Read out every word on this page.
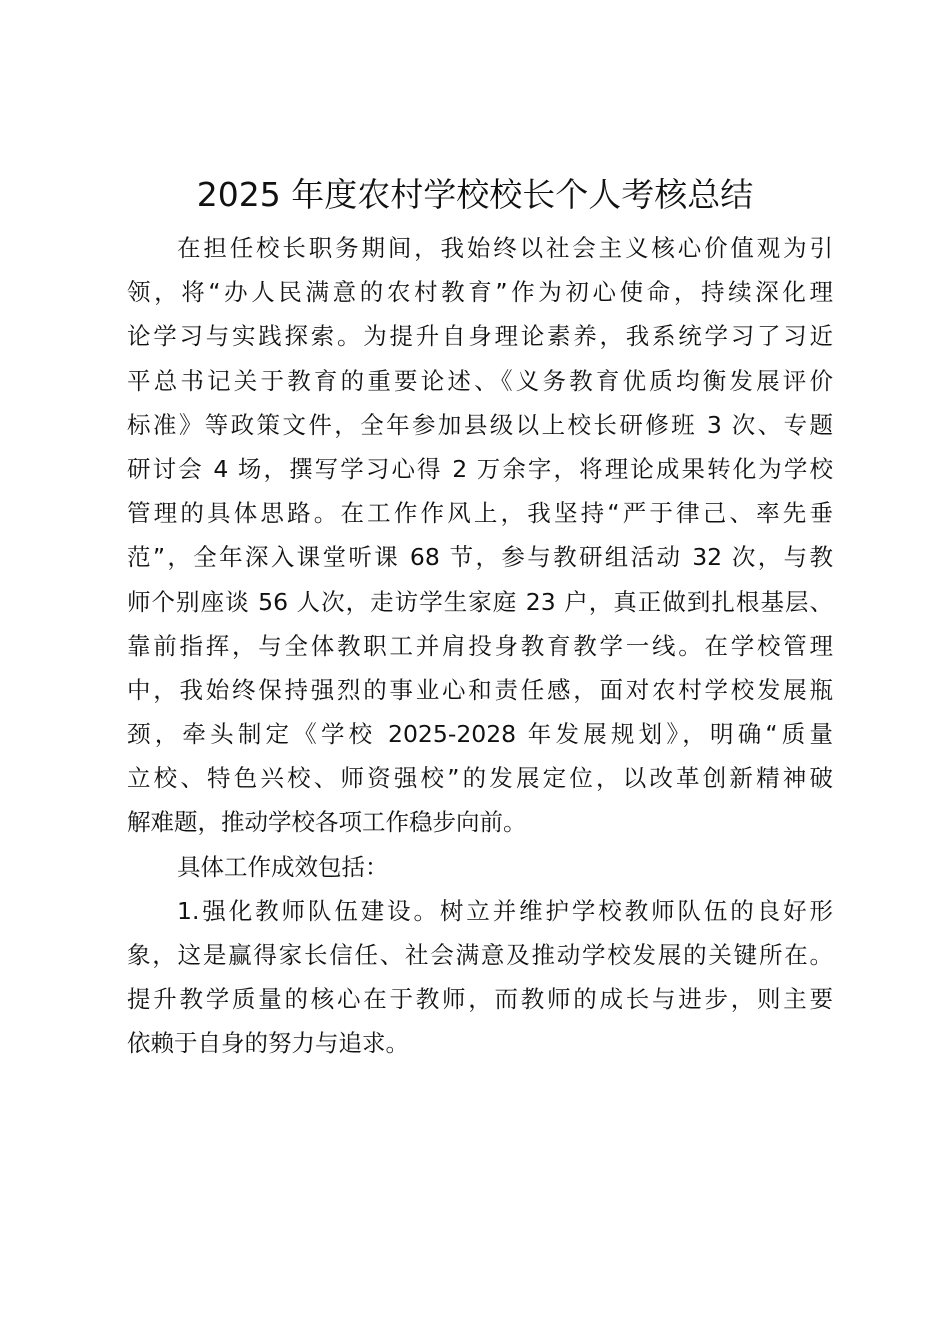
2025 年度农村学校校长个人考核总结
在担任校长职务期间，我始终以社会主义核心价值观为引
领，将“办人民满意的农村教育”作为初心使命，持续深化理
论学习与实践探索。为提升自身理论素养，我系统学习了习近
平总书记关于教育的重要论述、《义务教育优质均衡发展评价
标准》等政策文件，全年参加县级以上校长研修班 3 次、专题
研讨会 4 场，撰写学习心得 2 万余字，将理论成果转化为学校
管理的具体思路。在工作作风上，我坚持“严于律己、率先垂
范”，全年深入课堂听课 68 节，参与教研组活动 32 次，与教
师个别座谈 56 人次，走访学生家庭 23 户，真正做到扎根基层、
靠前指挥，与全体教职工并肩投身教育教学一线。在学校管理
中，我始终保持强烈的事业心和责任感，面对农村学校发展瓶
颈，牵头制定《学校 2025-2028 年发展规划》，明确“质量
立校、特色兴校、师资强校”的发展定位，以改革创新精神破
解难题，推动学校各项工作稳步向前。
具体工作成效包括：
1.强化教师队伍建设。树立并维护学校教师队伍的良好形
象，这是赢得家长信任、社会满意及推动学校发展的关键所在。
提升教学质量的核心在于教师，而教师的成长与进步，则主要
依赖于自身的努力与追求。
